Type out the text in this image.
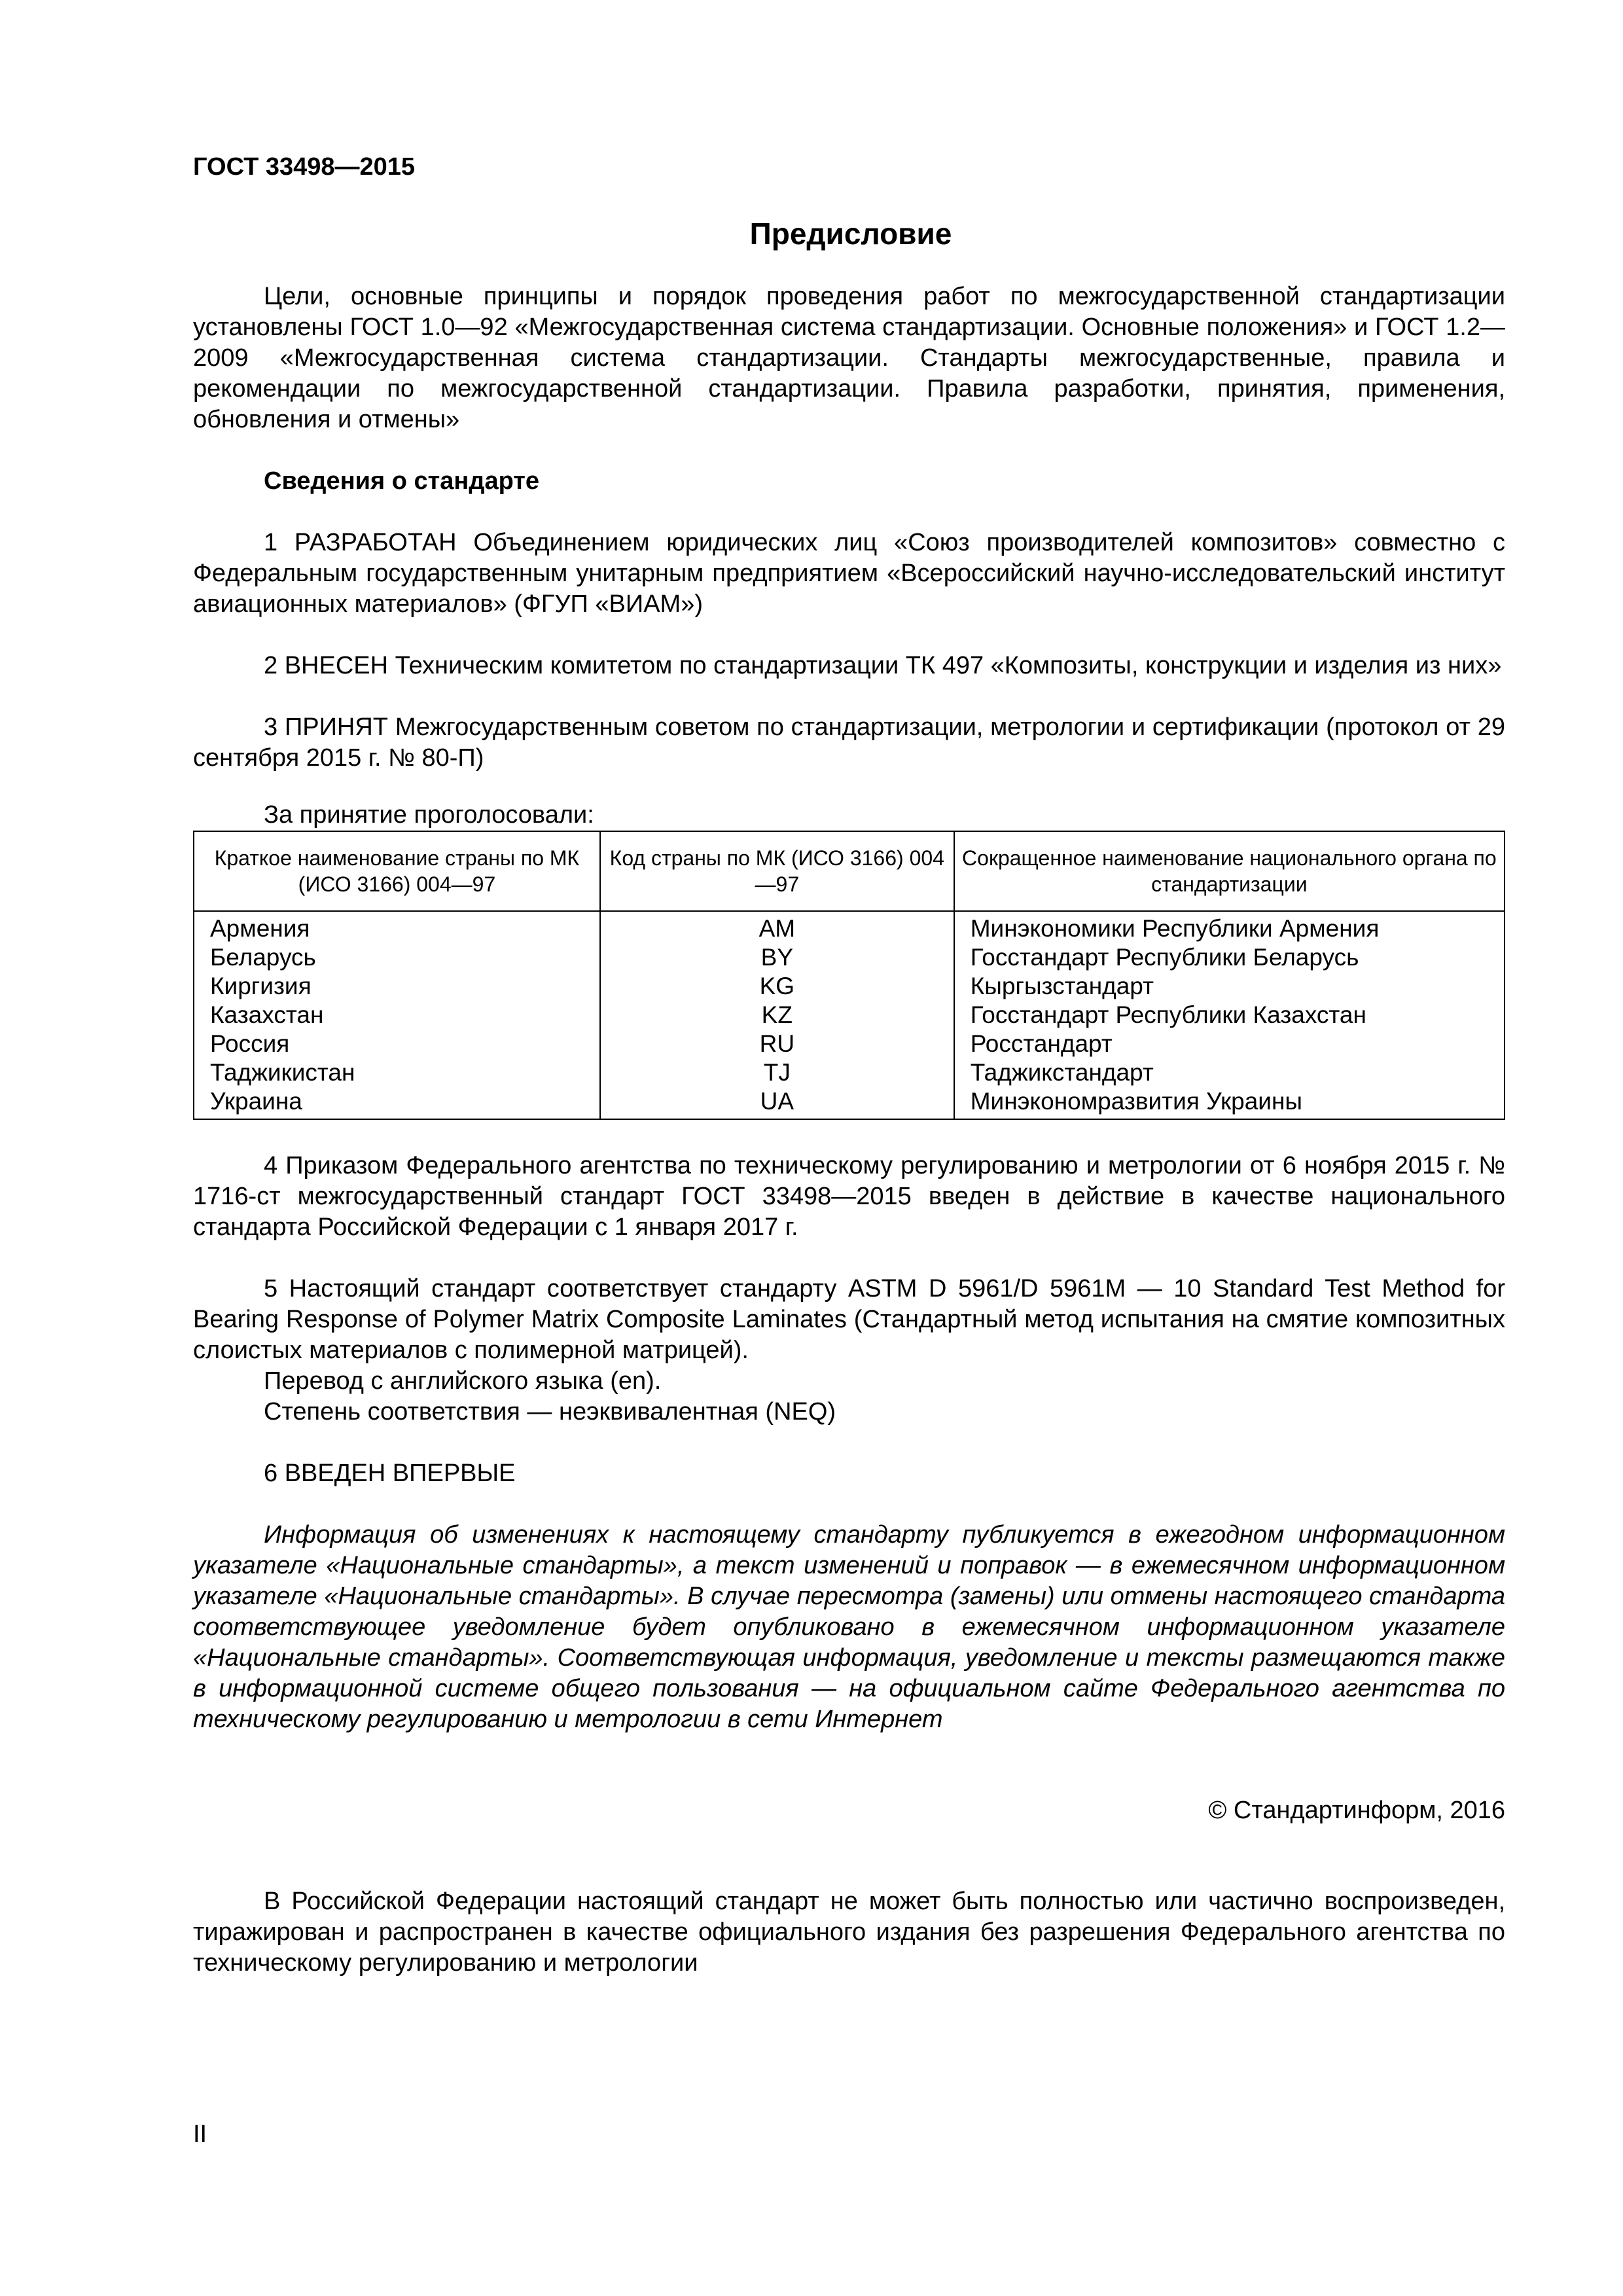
ГОСТ 33498—2015
Предисловие

Цели, основные принципы и порядок проведения работ по межгосударственной стандартизации установлены ГОСТ 1.0—92 «Межгосударственная система стандартизации. Основные положения» и ГОСТ 1.2—2009 «Межгосударственная система стандартизации. Стандарты межгосударственные, правила и рекомендации по межгосударственной стандартизации. Правила разработки, принятия, применения, обновления и отмены»

Сведения о стандарте

1 РАЗРАБОТАН Объединением юридических лиц «Союз производителей композитов» совместно с Федеральным государственным унитарным предприятием «Всероссийский научно-исследовательский институт авиационных материалов» (ФГУП «ВИАМ»)

2 ВНЕСЕН Техническим комитетом по стандартизации ТК 497 «Композиты, конструкции и изделия из них»

3 ПРИНЯТ Межгосударственным советом по стандартизации, метрологии и сертификации (протокол от 29 сентября 2015 г. № 80-П)

За принятие проголосовали:

Краткое наименование страны по МК (ИСО 3166) 004—97	Код страны по МК (ИСО 3166) 004—97	Сокращенное наименование национального органа по стандартизации
Армения	AM	Минэкономики Республики Армения
Беларусь	BY	Госстандарт Республики Беларусь
Киргизия	KG	Кыргызстандарт
Казахстан	KZ	Госстандарт Республики Казахстан
Россия	RU	Росстандарт
Таджикистан	TJ	Таджикстандарт
Украина	UA	Минэкономразвития Украины

4 Приказом Федерального агентства по техническому регулированию и метрологии от 6 ноября 2015 г. № 1716-ст межгосударственный стандарт ГОСТ 33498—2015 введен в действие в качестве национального стандарта Российской Федерации с 1 января 2017 г.

5 Настоящий стандарт соответствует стандарту ASTM D 5961/D 5961M — 10 Standard Test Method for Bearing Response of Polymer Matrix Composite Laminates (Стандартный метод испытания на смятие композитных слоистых материалов с полимерной матрицей).

Перевод с английского языка (en).

Степень соответствия — неэквивалентная (NEQ)

6 ВВЕДЕН ВПЕРВЫЕ

Информация об изменениях к настоящему стандарту публикуется в ежегодном информационном указателе «Национальные стандарты», а текст изменений и поправок — в ежемесячном информационном указателе «Национальные стандарты». В случае пересмотра (замены) или отмены настоящего стандарта соответствующее уведомление будет опубликовано в ежемесячном информационном указателе «Национальные стандарты». Соответствующая информация, уведомление и тексты размещаются также в информационной системе общего пользования — на официальном сайте Федерального агентства по техническому регулированию и метрологии в сети Интернет

© Стандартинформ, 2016

В Российской Федерации настоящий стандарт не может быть полностью или частично воспроизведен, тиражирован и распространен в качестве официального издания без разрешения Федерального агентства по техническому регулированию и метрологии

II
